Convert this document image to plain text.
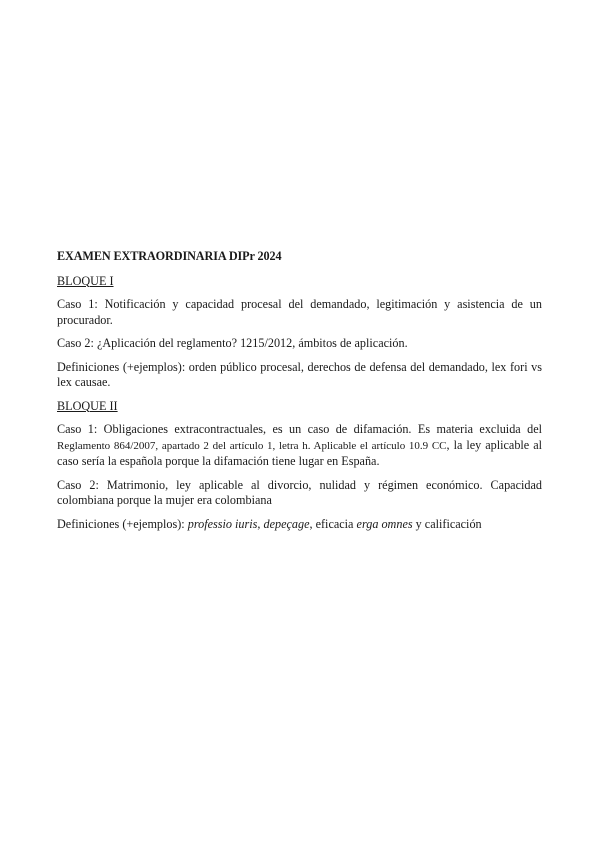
EXAMEN EXTRAORDINARIA DIPr 2024

BLOQUE I

Caso 1: Notificación y capacidad procesal del demandado, legitimación y asistencia de un procurador.

Caso 2: ¿Aplicación del reglamento? 1215/2012, ámbitos de aplicación.

Definiciones (+ejemplos): orden público procesal, derechos de defensa del demandado, lex fori vs lex causae.

BLOQUE II

Caso 1: Obligaciones extracontractuales, es un caso de difamación. Es materia excluida del Reglamento 864/2007, apartado 2 del artículo 1, letra h. Aplicable el artículo 10.9 CC, la ley aplicable al caso sería la española porque la difamación tiene lugar en España.

Caso 2: Matrimonio, ley aplicable al divorcio, nulidad y régimen económico. Capacidad colombiana porque la mujer era colombiana

Definiciones (+ejemplos): professio iuris, depeçage, eficacia erga omnes y calificación
